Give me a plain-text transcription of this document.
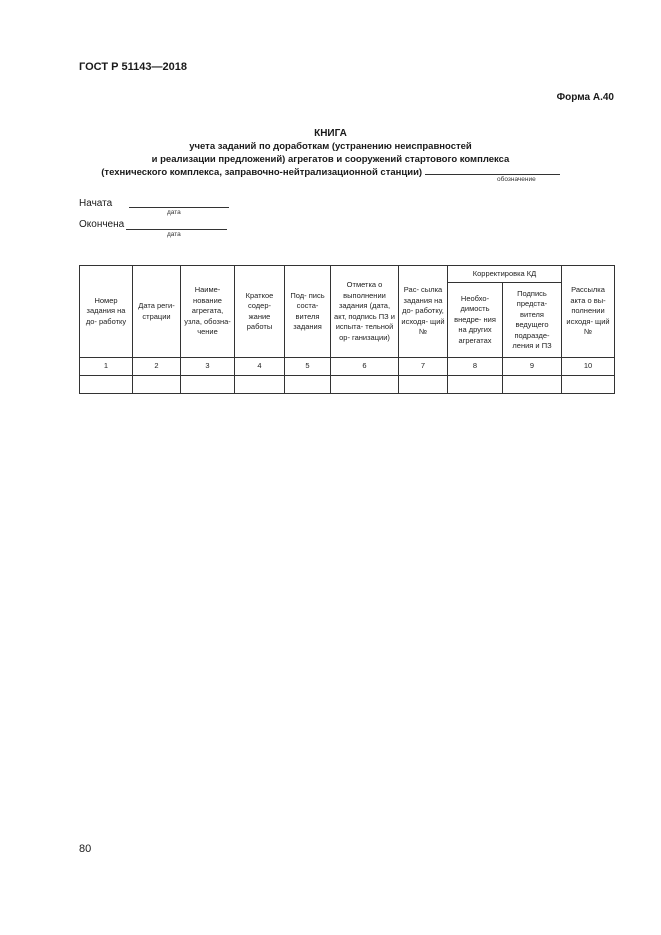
ГОСТ Р 51143—2018
Форма А.40
КНИГА
учета заданий по доработкам (устранению неисправностей
и реализации предложений) агрегатов и сооружений стартового комплекса
(технического комплекса, заправочно-нейтрализационной станции)
обозначение
Начата
дата
Окончена
дата
Номер задания на до- работку	Дата реги- страции	Наиме- нование агрегата, узла, обозна- чение	Краткое содер- жание работы	Под- пись соста- вителя задания	Отметка о выполнении задания (дата, акт, подпись ПЗ и испыта- тельной ор- ганизации)	Рас- сылка задания на до- работку, исходя- щий №	Корректировка КД		Рассылка акта о вы- полнении исходя- щий №
							Необхо- димость внедре- ния на других агрегатах	Подпись предста- вителя ведущего подразде- ления и ПЗ	
1	2	3	4	5	6	7	8	9	10

80
